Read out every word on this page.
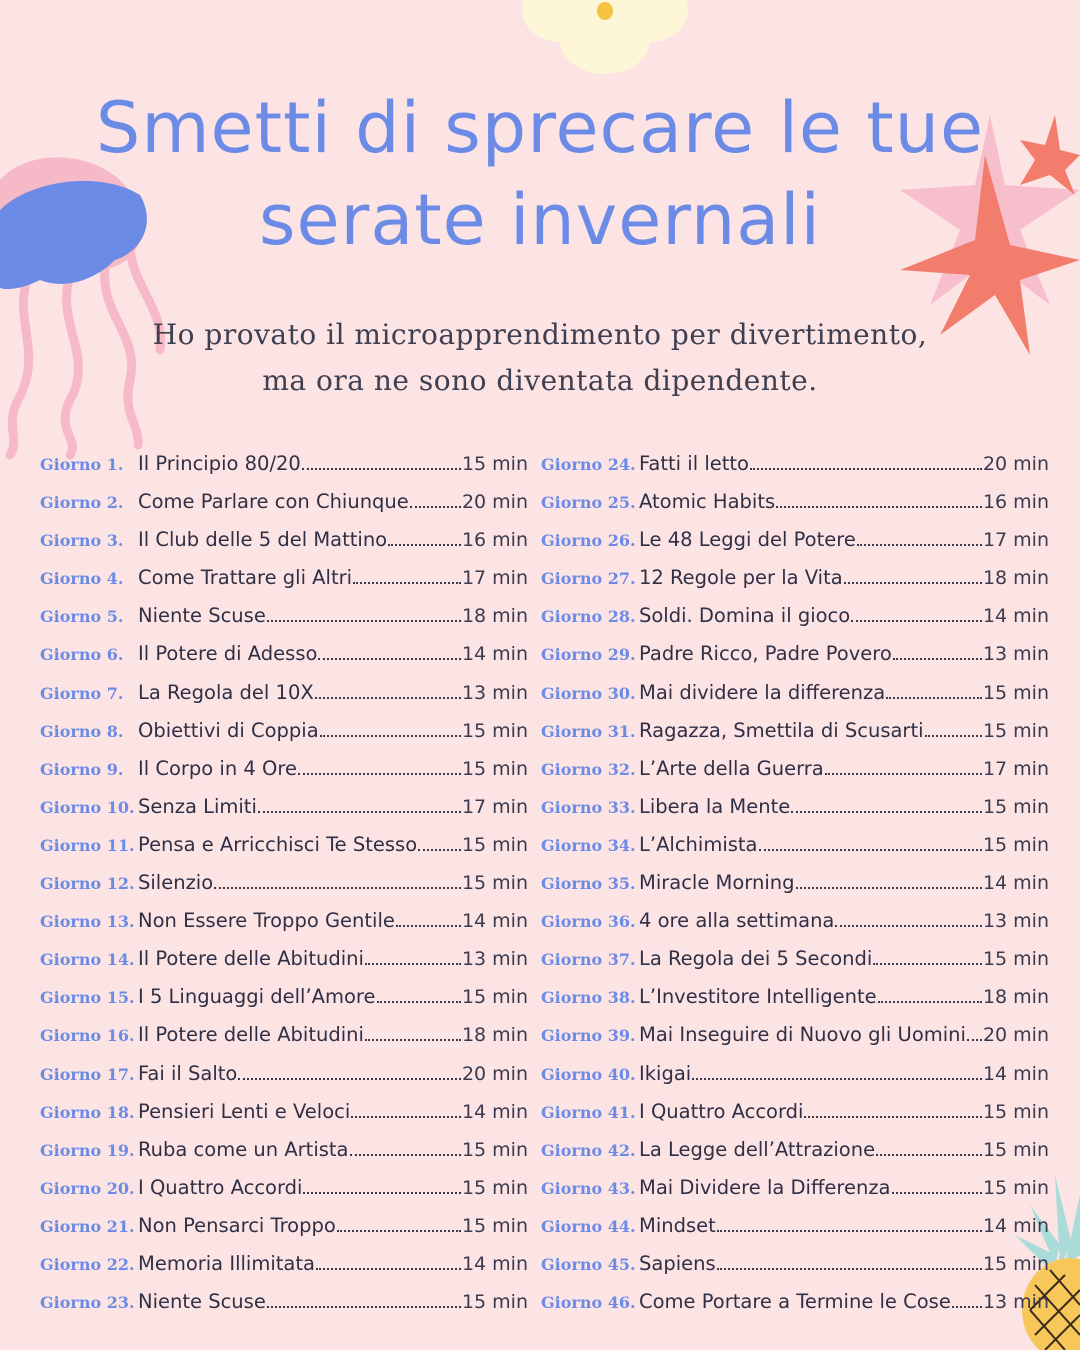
Smetti di sprecare le tue
serate invernali

Ho provato il microapprendimento per divertimento,
ma ora ne sono diventata dipendente.

Giorno 1. Il Principio 80/20	15 min
Giorno 2. Come Parlare con Chiunque	20 min
Giorno 3. Il Club delle 5 del Mattino	16 min
Giorno 4. Come Trattare gli Altri	17 min
Giorno 5. Niente Scuse	18 min
Giorno 6. Il Potere di Adesso	14 min
Giorno 7. La Regola del 10X	13 min
Giorno 8. Obiettivi di Coppia	15 min
Giorno 9. Il Corpo in 4 Ore	15 min
Giorno 10. Senza Limiti	17 min
Giorno 11. Pensa e Arricchisci Te Stesso 15 min
Giorno 12. Silenzio	15 min
Giorno 13. Non Essere Troppo Gentile	14 min
Giorno 14. Il Potere delle Abitudini	13 min
Giorno 15. I 5 Linguaggi dell’Amore	15 min
Giorno 16. Il Potere delle Abitudini	18 min
Giorno 17. Fai il Salto	20 min
Giorno 18. Pensieri Lenti e Veloci	14 min
Giorno 19. Ruba come un Artista	15 min
Giorno 20. I Quattro Accordi	15 min
Giorno 21. Non Pensarci Troppo	15 min
Giorno 22. Memoria Illimitata	14 min
Giorno 23. Niente Scuse	15 min
Giorno 24. Fatti il letto	20 min
Giorno 25. Atomic Habits	16 min
Giorno 26. Le 48 Leggi del Potere	17 min
Giorno 27. 12 Regole per la Vita	18 min
Giorno 28. Soldi. Domina il gioco	14 min
Giorno 29. Padre Ricco, Padre Povero	13 min
Giorno 30. Mai dividere la differenza	15 min
Giorno 31. Ragazza, Smettila di Scusarti	15 min
Giorno 32. L’Arte della Guerra	17 min
Giorno 33. Libera la Mente	15 min
Giorno 34. L’Alchimista	15 min
Giorno 35. Miracle Morning	14 min
Giorno 36. 4 ore alla settimana	13 min
Giorno 37. La Regola dei 5 Secondi	15 min
Giorno 38. L’Investitore Intelligente	18 min
Giorno 39. Mai Inseguire di Nuovo gli Uomini 20 min
Giorno 40. Ikigai	14 min
Giorno 41. I Quattro Accordi	15 min
Giorno 42. La Legge dell’Attrazione	15 min
Giorno 43. Mai Dividere la Differenza	15 min
Giorno 44. Mindset	14 min
Giorno 45. Sapiens	15 min
Giorno 46. Come Portare a Termine le Cose 13 min
